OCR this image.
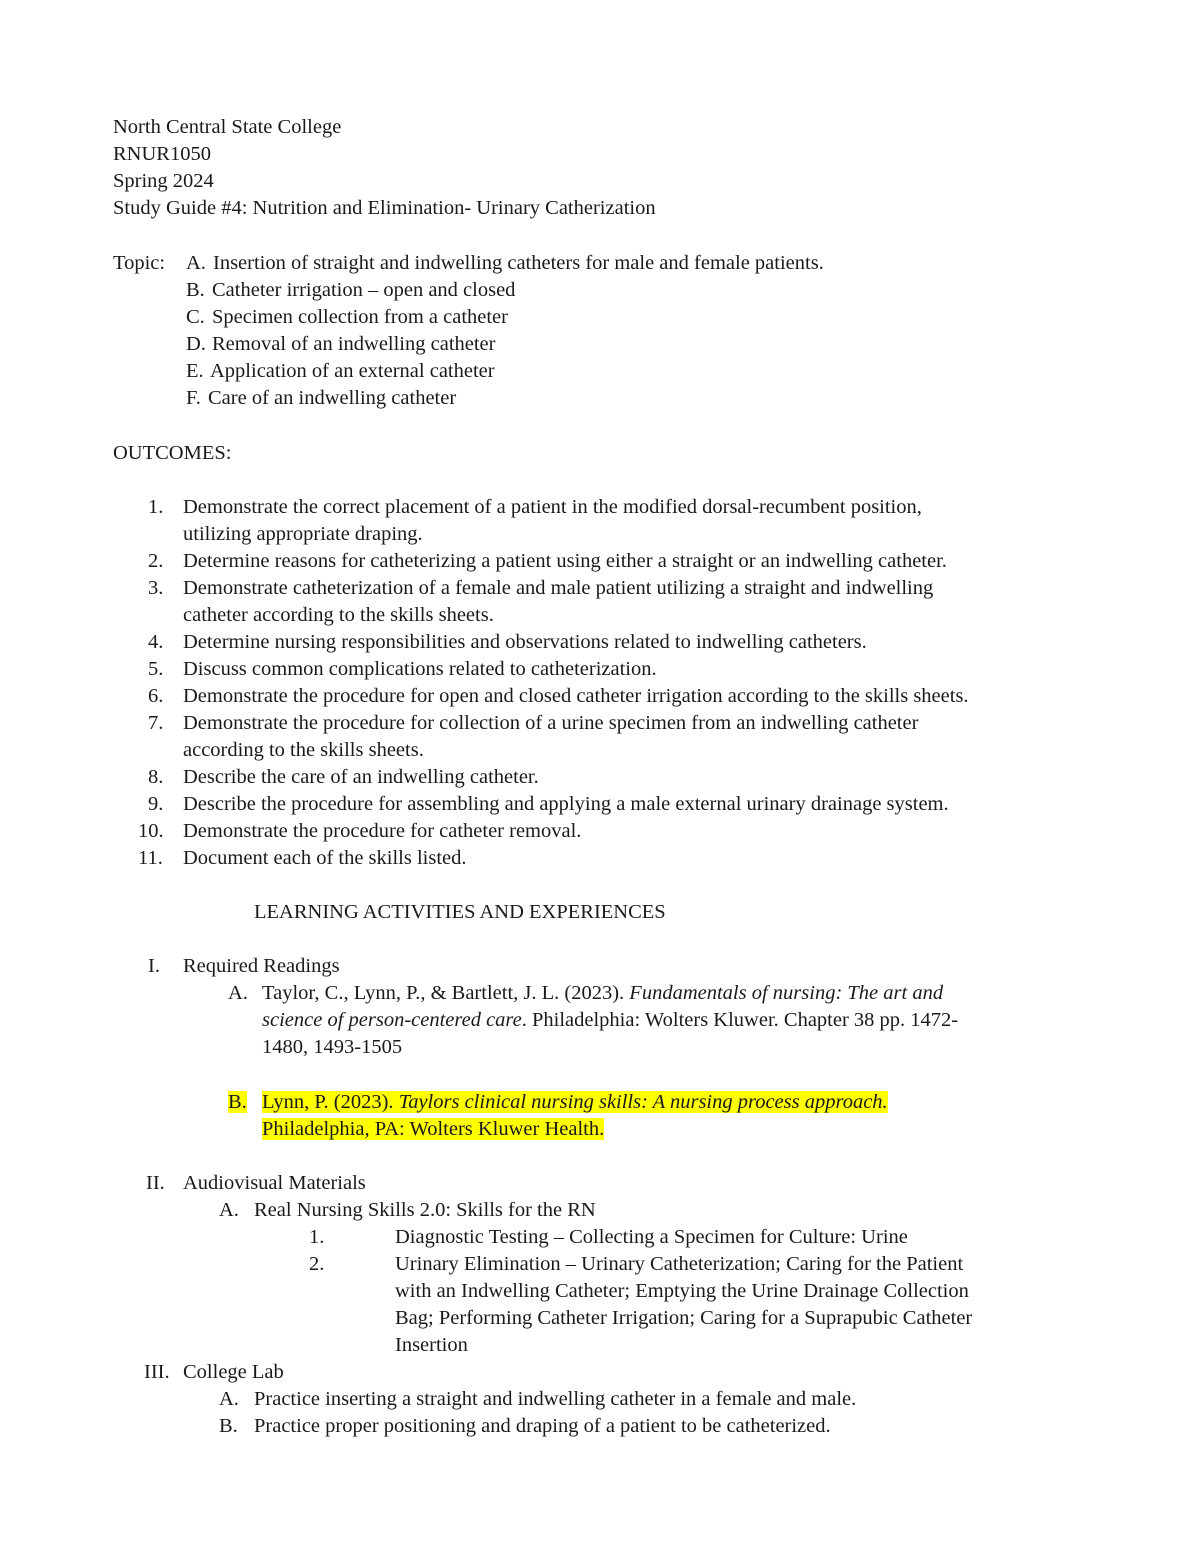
North Central State College
RNUR1050
Spring 2024
Study Guide #4: Nutrition and Elimination- Urinary Catherization
Topic: A. Insertion of straight and indwelling catheters for male and female patients.
B. Catheter irrigation – open and closed
C. Specimen collection from a catheter
D. Removal of an indwelling catheter
E. Application of an external catheter
F. Care of an indwelling catheter
OUTCOMES:
1. Demonstrate the correct placement of a patient in the modified dorsal-recumbent position,
utilizing appropriate draping.
2. Determine reasons for catheterizing a patient using either a straight or an indwelling catheter.
3. Demonstrate catheterization of a female and male patient utilizing a straight and indwelling
catheter according to the skills sheets.
4. Determine nursing responsibilities and observations related to indwelling catheters.
5. Discuss common complications related to catheterization.
6. Demonstrate the procedure for open and closed catheter irrigation according to the skills sheets.
7. Demonstrate the procedure for collection of a urine specimen from an indwelling catheter
according to the skills sheets.
8. Describe the care of an indwelling catheter.
9. Describe the procedure for assembling and applying a male external urinary drainage system.
10. Demonstrate the procedure for catheter removal.
11. Document each of the skills listed.
LEARNING ACTIVITIES AND EXPERIENCES
I. Required Readings
A. Taylor, C., Lynn, P., & Bartlett, J. L. (2023). Fundamentals of nursing: The art and
science of person-centered care. Philadelphia: Wolters Kluwer. Chapter 38 pp. 1472-
1480, 1493-1505
B. Lynn, P. (2023). Taylors clinical nursing skills: A nursing process approach.
Philadelphia, PA: Wolters Kluwer Health.
II. Audiovisual Materials
A. Real Nursing Skills 2.0: Skills for the RN
1.	Diagnostic Testing – Collecting a Specimen for Culture: Urine
2.	Urinary Elimination – Urinary Catheterization; Caring for the Patient
with an Indwelling Catheter; Emptying the Urine Drainage Collection
Bag; Performing Catheter Irrigation; Caring for a Suprapubic Catheter
Insertion
III. College Lab
A. Practice inserting a straight and indwelling catheter in a female and male.
B. Practice proper positioning and draping of a patient to be catheterized.
